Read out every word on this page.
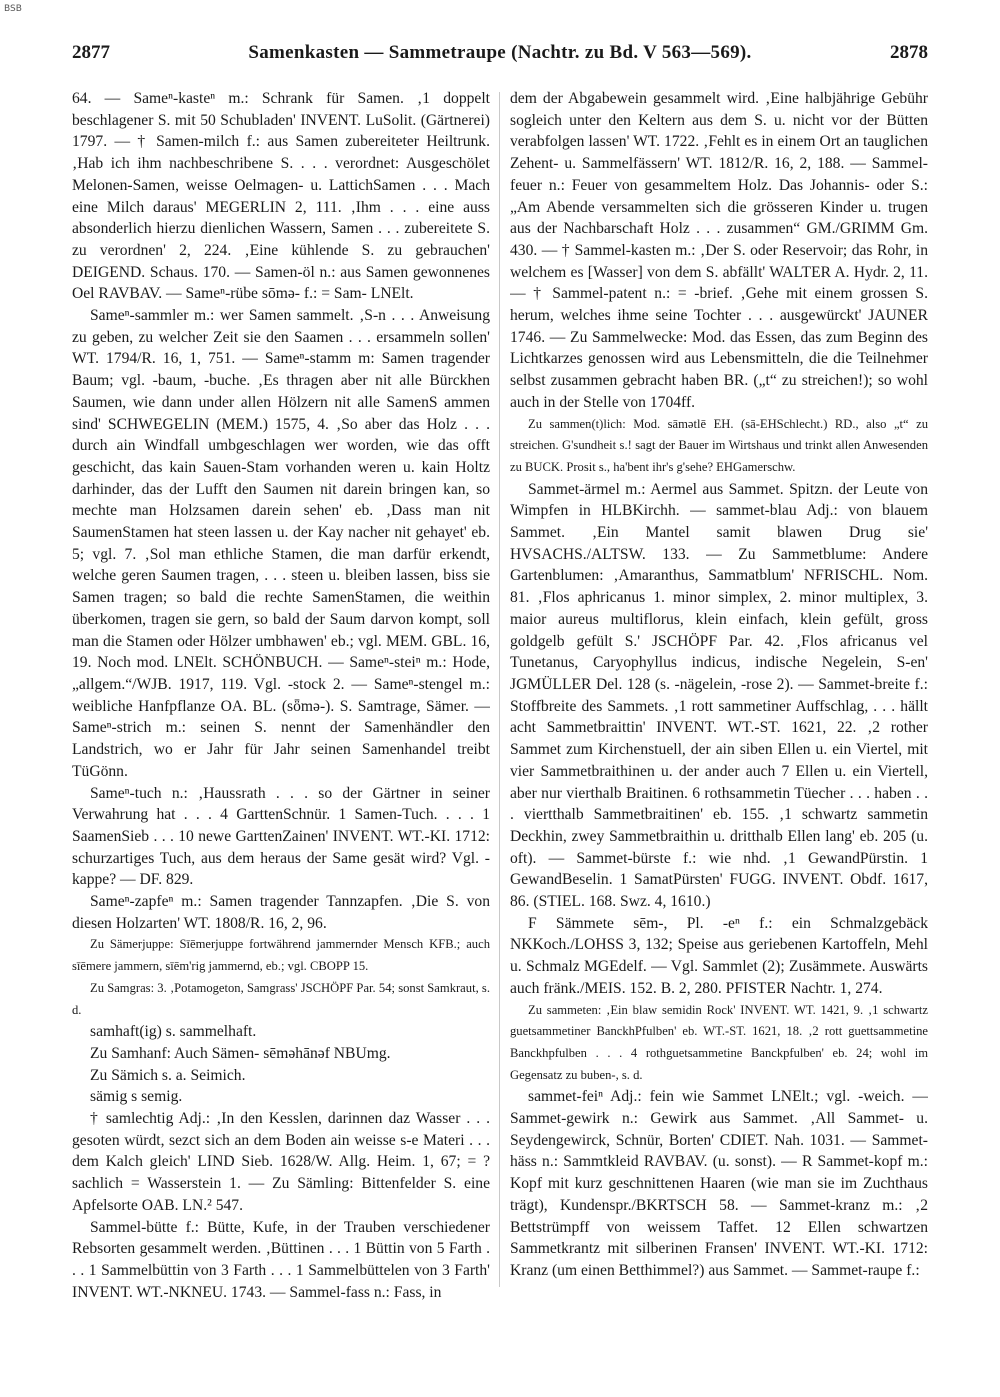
BSB
2877	Samenkasten — Sammetraupe (Nachtr. zu Bd. V 563—569).	2878

64. — Sameⁿ-kasteⁿ m.: Schrank für Samen. ‚1 doppelt beschlagener S. mit 50 Schubladen' INVENT. LuSolit. (Gärtnerei) 1797. — † Samen-milch f.: aus Samen zubereiteter Heiltrunk. ‚Hab ich ihm nachbeschribene S. . . . verordnet: Ausgeschölet Melonen-Samen, weisse Oelmagen- u. LattichSamen . . . Mach eine Milch daraus' MEGERLIN 2, 111. ‚Ihm . . . eine auss absonderlich hierzu dienlichen Wassern, Samen . . . zubereitete S. zu verordnen' 2, 224. ‚Eine kühlende S. zu gebrauchen' DEIGEND. Schaus. 170. — Samen-öl n.: aus Samen gewonnenes Oel RAVBAV. — Sameⁿ-rübe sōmə- f.: = Sam- LNElt.

Sameⁿ-sammler m.: wer Samen sammelt. ‚S-n . . . Anweisung zu geben, zu welcher Zeit sie den Saamen . . . ersammeln sollen' WT. 1794/R. 16, 1, 751. — Sameⁿ-stamm m: Samen tragender Baum; vgl. -baum, -buche. ‚Es thragen aber nit alle Bürckhen Saumen, wie dann under allen Hölzern nit alle SamenS ammen sind' SCHWEGELIN (MEM.) 1575, 4. ‚So aber das Holz . . . durch ain Windfall umbgeschlagen wer worden, wie das offt geschicht, das kain Sauen-Stam vorhanden weren u. kain Holtz darhinder, das der Lufft den Saumen nit darein bringen kan, so mechte man Holzsamen darein sehen' eb. ‚Dass man nit SaumenStamen hat steen lassen u. der Kay nacher nit gehayet' eb. 5; vgl. 7. ‚Sol man ethliche Stamen, die man darfür erkendt, welche geren Saumen tragen, . . . steen u. bleiben lassen, biss sie Samen tragen; so bald die rechte SamenStamen, die weithin überkomen, tragen sie gern, so bald der Saum darvon kompt, soll man die Stamen oder Hölzer umbhawen' eb.; vgl. MEM. GBL. 16, 19. Noch mod. LNElt. SCHÖNBUCH. — Sameⁿ-steiⁿ m.: Hode, „allgem.“/WJB. 1917, 119. Vgl. -stock 2. — Sameⁿ-stengel m.: weibliche Hanfpflanze OA. BL. (sȫmə-). S. Samtrage, Sämer. — Sameⁿ-strich m.: seinen S. nennt der Samenhändler den Landstrich, wo er Jahr für Jahr seinen Samenhandel treibt TüGönn.

Sameⁿ-tuch n.: ‚Haussrath . . . so der Gärtner in seiner Verwahrung hat . . . 4 GarttenSchnür. 1 Samen-Tuch. . . . 1 SaamenSieb . . . 10 newe GarttenZainen' INVENT. WT.-KI. 1712: schurzartiges Tuch, aus dem heraus der Same gesät wird? Vgl. -kappe? — DF. 829.

Sameⁿ-zapfeⁿ m.: Samen tragender Tannzapfen. ‚Die S. von diesen Holzarten' WT. 1808/R. 16, 2, 96.

Zu Sämerjuppe: Sīēmerjuppe fortwährend jammernder Mensch KFB.; auch sīēmere jammern, sīēm'rig jammernd, eb.; vgl. CBOPP 15.

Zu Samgras: 3. ‚Potamogeton, Samgrass' JSCHÖPF Par. 54; sonst Samkraut, s. d.

samhaft(ig) s. sammelhaft.

Zu Samhanf: Auch Sämen- sēməhānəf NBUmg.

Zu Sämich s. a. Seimich.

sämig s semig.

† samlechtig Adj.: ‚In den Kesslen, darinnen daz Wasser . . . gesoten würdt, sezct sich an dem Boden ain weisse s-e Materi . . . dem Kalch gleich' LIND Sieb. 1628/W. Allg. Heim. 1, 67; = ? sachlich = Wasserstein 1. — Zu Sämling: Bittenfelder S. eine Apfelsorte OAB. LN.² 547.

Sammel-bütte f.: Bütte, Kufe, in der Trauben verschiedener Rebsorten gesammelt werden. ‚Büttinen . . . 1 Büttin von 5 Farth . . . 1 Sammelbüttin von 3 Farth . . . 1 Sammelbüttelen von 3 Farth' INVENT. WT.-NKNEU. 1743. — Sammel-fass n.: Fass, in

dem der Abgabewein gesammelt wird. ‚Eine halbjährige Gebühr sogleich unter den Keltern aus dem S. u. nicht vor der Bütten verabfolgen lassen' WT. 1722. ‚Fehlt es in einem Ort an tauglichen Zehent- u. Sammelfässern' WT. 1812/R. 16, 2, 188. — Sammel-feuer n.: Feuer von gesammeltem Holz. Das Johannis- oder S.: „Am Abende versammelten sich die grösseren Kinder u. trugen aus der Nachbarschaft Holz . . . zusammen“ GM./GRIMM Gm. 430. — † Sammel-kasten m.: ‚Der S. oder Reservoir; das Rohr, in welchem es [Wasser] von dem S. abfällt' WALTER A. Hydr. 2, 11. — † Sammel-patent n.: = -brief. ‚Gehe mit einem grossen S. herum, welches ihme seine Tochter . . . ausgewürckt' JAUNER 1746. — Zu Sammelwecke: Mod. das Essen, das zum Beginn des Lichtkarzes genossen wird aus Lebensmitteln, die die Teilnehmer selbst zusammen gebracht haben BR. („t“ zu streichen!); so wohl auch in der Stelle von 1704ff.

Zu sammen(t)lich: Mod. sāmətlē EH. (sā-EHSchlecht.) RD., also „t“ zu streichen. G'sundheit s.! sagt der Bauer im Wirtshaus und trinkt allen Anwesenden zu BUCK. Prosit s., ha'bent ihr's g'sehe? EHGamerschw.

Sammet-ärmel m.: Aermel aus Sammet. Spitzn. der Leute von Wimpfen in HLBKirchh. — sammet-blau Adj.: von blauem Sammet. ‚Ein Mantel samit blawen Drug sie' HVSACHS./ALTSW. 133. — Zu Sammetblume: Andere Gartenblumen: ‚Amaranthus, Sammatblum' NFRISCHL. Nom. 81. ‚Flos aphricanus 1. minor simplex, 2. minor multiplex, 3. maior aureus multiflorus, klein einfach, klein gefült, gross goldgelb gefült S.' JSCHÖPF Par. 42. ‚Flos africanus vel Tunetanus, Caryophyllus indicus, indische Negelein, S-en' JGMÜLLER Del. 128 (s. -nägelein, -rose 2). — Sammet-breite f.: Stoffbreite des Sammets. ‚1 rott sammetiner Auffschlag, . . . hällt acht Sammetbraittin' INVENT. WT.-ST. 1621, 22. ‚2 rother Sammet zum Kirchenstuell, der ain siben Ellen u. ein Viertel, mit vier Sammetbraithinen u. der ander auch 7 Ellen u. ein Viertell, aber nur vierthalb Braitinen. 6 rothsammetin Tüecher . . . haben . . . viertthalb Sammetbraitinen' eb. 155. ‚1 schwartz sammetin Deckhin, zwey Sammetbraithin u. dritthalb Ellen lang' eb. 205 (u. oft). — Sammet-bürste f.: wie nhd. ‚1 GewandPürstin. 1 GewandBeselin. 1 SamatPürsten' FUGG. INVENT. Obdf. 1617, 86. (STIEL. 168. Swz. 4, 1610.)

F Sämmete sēm-, Pl. -eⁿ f.: ein Schmalzgebäck NKKoch./LOHSS 3, 132; Speise aus geriebenen Kartoffeln, Mehl u. Schmalz MGEdelf. — Vgl. Sammlet (2); Zusämmete. Auswärts auch fränk./MEIS. 152. B. 2, 280. PFISTER Nachtr. 1, 274.

Zu sammeten: ‚Ein blaw semidin Rock' INVENT. WT. 1421, 9. ‚1 schwartz guetsammetiner BanckhPfulben' eb. WT.-ST. 1621, 18. ‚2 rott guettsammetine Banckhpfulben . . . 4 rothguetsammetine Banckpfulben' eb. 24; wohl im Gegensatz zu buben-, s. d.

sammet-feiⁿ Adj.: fein wie Sammet LNElt.; vgl. -weich. — Sammet-gewirk n.: Gewirk aus Sammet. ‚All Sammet- u. Seydengewirck, Schnür, Borten' CDIET. Nah. 1031. — Sammet-häss n.: Sammtkleid RAVBAV. (u. sonst). — R Sammet-kopf m.: Kopf mit kurz geschnittenen Haaren (wie man sie im Zuchthaus trägt), Kundenspr./BKRTSCH 58. — Sammet-kranz m.: ‚2 Bettstrümpff von weissem Taffet. 12 Ellen schwartzen Sammetkrantz mit silberinen Fransen' INVENT. WT.-KI. 1712: Kranz (um einen Betthimmel?) aus Sammet. — Sammet-raupe f.:
